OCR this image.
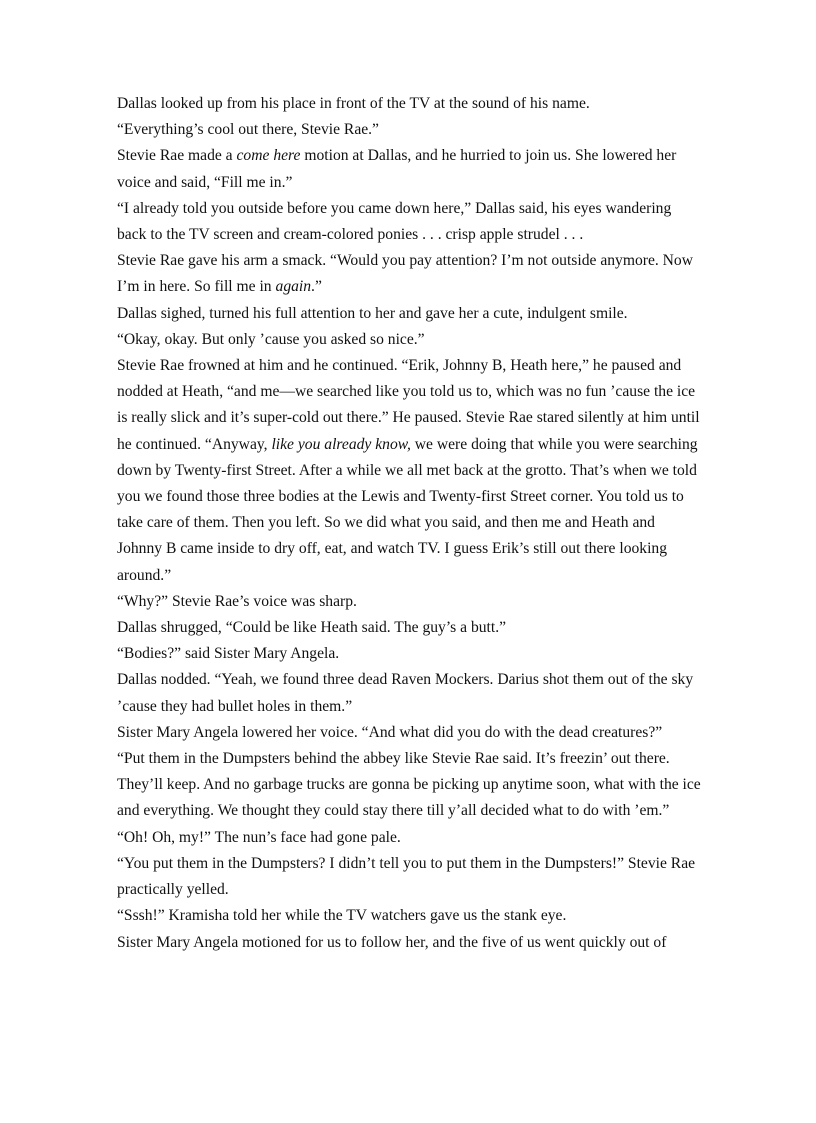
Dallas looked up from his place in front of the TV at the sound of his name.

“Everything’s cool out there, Stevie Rae.”

Stevie Rae made a come here motion at Dallas, and he hurried to join us. She lowered her voice and said, “Fill me in.”

“I already told you outside before you came down here,” Dallas said, his eyes wandering back to the TV screen and cream-colored ponies . . . crisp apple strudel . . .

Stevie Rae gave his arm a smack. “Would you pay attention? I’m not outside anymore. Now I’m in here. So fill me in again.”

Dallas sighed, turned his full attention to her and gave her a cute, indulgent smile.

“Okay, okay. But only ’cause you asked so nice.”

Stevie Rae frowned at him and he continued. “Erik, Johnny B, Heath here,” he paused and nodded at Heath, “and me—we searched like you told us to, which was no fun ’cause the ice is really slick and it’s super-cold out there.” He paused. Stevie Rae stared silently at him until he continued. “Anyway, like you already know, we were doing that while you were searching down by Twenty-first Street. After a while we all met back at the grotto. That’s when we told you we found those three bodies at the Lewis and Twenty-first Street corner. You told us to take care of them. Then you left. So we did what you said, and then me and Heath and Johnny B came inside to dry off, eat, and watch TV. I guess Erik’s still out there looking around.”

“Why?” Stevie Rae’s voice was sharp.

Dallas shrugged, “Could be like Heath said. The guy’s a butt.”

“Bodies?” said Sister Mary Angela.

Dallas nodded. “Yeah, we found three dead Raven Mockers. Darius shot them out of the sky ’cause they had bullet holes in them.”

Sister Mary Angela lowered her voice. “And what did you do with the dead creatures?”

“Put them in the Dumpsters behind the abbey like Stevie Rae said. It’s freezin’ out there. They’ll keep. And no garbage trucks are gonna be picking up anytime soon, what with the ice and everything. We thought they could stay there till y’all decided what to do with ’em.”

“Oh! Oh, my!” The nun’s face had gone pale.

“You put them in the Dumpsters? I didn’t tell you to put them in the Dumpsters!” Stevie Rae practically yelled.

“Sssh!” Kramisha told her while the TV watchers gave us the stank eye.

Sister Mary Angela motioned for us to follow her, and the five of us went quickly out of
